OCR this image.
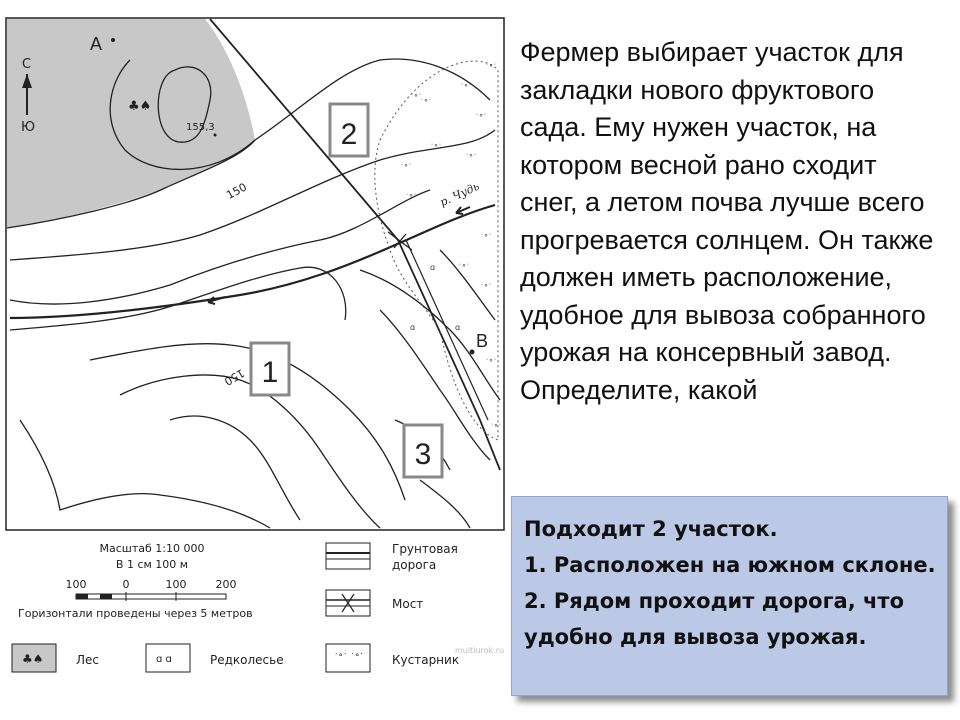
˙°˙
˙°˙
˙°˙
˙°˙
˙°˙
˙°˙
˙°˙
˙°˙
˙°˙
˙°˙
˙°˙
˙°˙
˙°˙
˙°˙
ɑ
ɑ
ɑ
♣♠
155,3
150
150
р. Чудь
С
Ю
А
В
2
1
3
Масштаб 1:10 000
В 1 см 100 м
100	0	100	200
Горизонтали проведены через 5 метров
Грунтовая
дорога
Мост
♣♠	Лес	ɑ ɑ	Редколесье	˙°˙ ˙°˙ Кустарник
multiurok.ru
Фермер выбирает участок для закладки нового фруктового сада. Ему нужен участок, на котором весной рано сходит снег, а летом почва лучше всего прогревается солнцем. Он также должен иметь расположение, удобное для вывоза собранного урожая на консервный завод. Определите, какой
Подходит 2 участок.
1. Расположен на южном склоне.
2. Рядом проходит дорога, что удобно для вывоза урожая.
